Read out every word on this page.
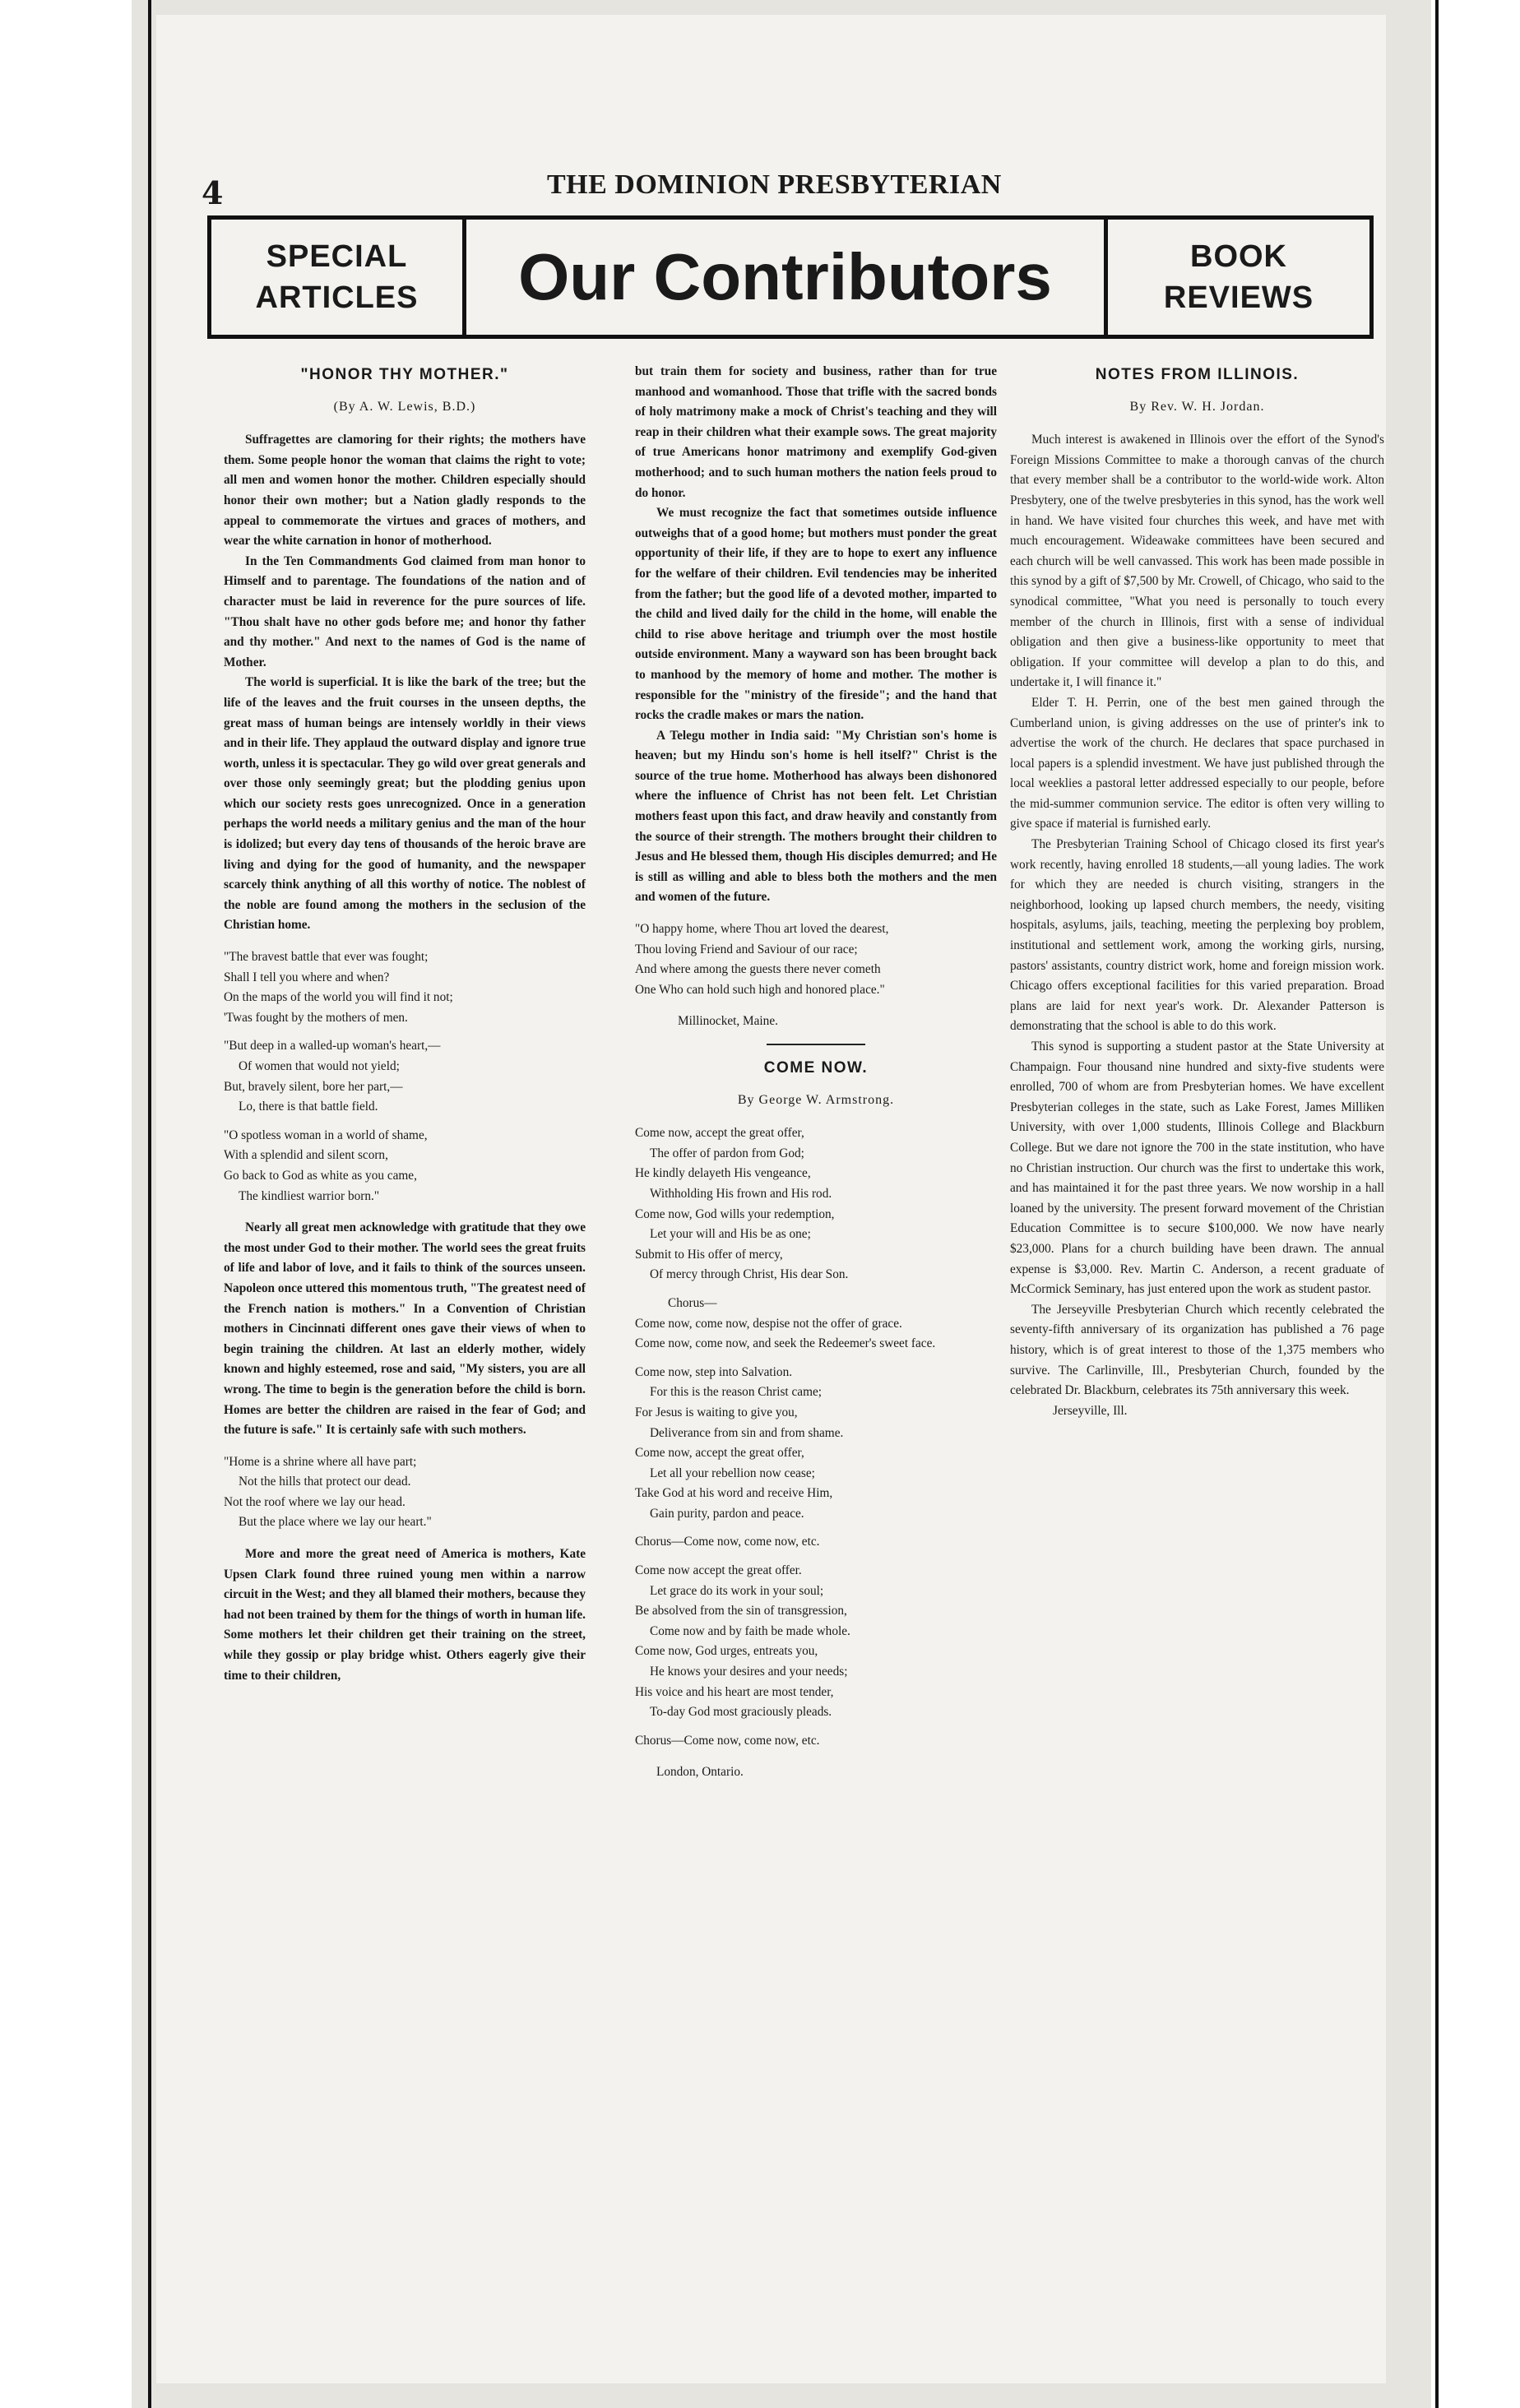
4	THE DOMINION PRESBYTERIAN
SPECIAL
ARTICLES Our Contributors	BOOK
REVIEWS
"HONOR THY MOTHER."
(By A. W. Lewis, B.D.)

Suffragettes are clamoring for their rights; the mothers have them. Some people honor the woman that claims the right to vote; all men and women honor the mother. Children especially should honor their own mother; but a Nation gladly responds to the appeal to commemorate the virtues and graces of mothers, and wear the white carnation in honor of motherhood.

In the Ten Commandments God claimed from man honor to Himself and to parentage. The foundations of the nation and of character must be laid in reverence for the pure sources of life. "Thou shalt have no other gods before me; and honor thy father and thy mother." And next to the names of God is the name of Mother.

The world is superficial. It is like the bark of the tree; but the life of the leaves and the fruit courses in the unseen depths, the great mass of human beings are intensely worldly in their views and in their life. They applaud the outward display and ignore true worth, unless it is spectacular. They go wild over great generals and over those only seemingly great; but the plodding genius upon which our society rests goes unrecognized. Once in a generation perhaps the world needs a military genius and the man of the hour is idolized; but every day tens of thousands of the heroic brave are living and dying for the good of humanity, and the newspaper scarcely think anything of all this worthy of notice. The noblest of the noble are found among the mothers in the seclusion of the Christian home.

"The bravest battle that ever was fought;
Shall I tell you where and when?
On the maps of the world you will find it not;
'Twas fought by the mothers of men.
"But deep in a walled-up woman's heart,—
Of women that would not yield;
But, bravely silent, bore her part,—
Lo, there is that battle field.
"O spotless woman in a world of shame,
With a splendid and silent scorn,
Go back to God as white as you came,
The kindliest warrior born."

Nearly all great men acknowledge with gratitude that they owe the most under God to their mother. The world sees the great fruits of life and labor of love, and it fails to think of the sources unseen. Napoleon once uttered this momentous truth, "The greatest need of the French nation is mothers." In a Convention of Christian mothers in Cincinnati different ones gave their views of when to begin training the children. At last an elderly mother, widely known and highly esteemed, rose and said, "My sisters, you are all wrong. The time to begin is the generation before the child is born. Homes are better the children are raised in the fear of God; and the future is safe." It is certainly safe with such mothers.

"Home is a shrine where all have part;
Not the hills that protect our dead.
Not the roof where we lay our head.
But the place where we lay our heart."

More and more the great need of America is mothers, Kate Upsen Clark found three ruined young men within a narrow circuit in the West; and they all blamed their mothers, because they had not been trained by them for the things of worth in human life. Some mothers let their children get their training on the street, while they gossip or play bridge whist. Others eagerly give their time to their children,

but train them for society and business, rather than for true manhood and womanhood. Those that trifle with the sacred bonds of holy matrimony make a mock of Christ's teaching and they will reap in their children what their example sows. The great majority of true Americans honor matrimony and exemplify God-given motherhood; and to such human mothers the nation feels proud to do honor.

We must recognize the fact that sometimes outside influence outweighs that of a good home; but mothers must ponder the great opportunity of their life, if they are to hope to exert any influence for the welfare of their children. Evil tendencies may be inherited from the father; but the good life of a devoted mother, imparted to the child and lived daily for the child in the home, will enable the child to rise above heritage and triumph over the most hostile outside environment. Many a wayward son has been brought back to manhood by the memory of home and mother. The mother is responsible for the "ministry of the fireside"; and the hand that rocks the cradle makes or mars the nation.

A Telegu mother in India said: "My Christian son's home is heaven; but my Hindu son's home is hell itself?" Christ is the source of the true home. Motherhood has always been dishonored where the influence of Christ has not been felt. Let Christian mothers feast upon this fact, and draw heavily and constantly from the source of their strength. The mothers brought their children to Jesus and He blessed them, though His disciples demurred; and He is still as willing and able to bless both the mothers and the men and women of the future.

"O happy home, where Thou art loved the dearest,
Thou loving Friend and Saviour of our race;
And where among the guests there never cometh
One Who can hold such high and honored place."

Millinocket, Maine.

COME NOW.
By George W. Armstrong.
Come now, accept the great offer,
The offer of pardon from God;
He kindly delayeth His vengeance,
Withholding His frown and His rod.
Come now, God wills your redemption,
Let your will and His be as one;
Submit to His offer of mercy,
Of mercy through Christ, His dear Son.
Chorus—
Come now, come now, despise not the offer of grace.
Come now, come now, and seek the Redeemer's sweet face.
Come now, step into Salvation.
For this is the reason Christ came;
For Jesus is waiting to give you,
Deliverance from sin and from shame.
Come now, accept the great offer,
Let all your rebellion now cease;
Take God at his word and receive Him,
Gain purity, pardon and peace.
Chorus—Come now, come now, etc.
Come now accept the great offer.
Let grace do its work in your soul;
Be absolved from the sin of transgression,
Come now and by faith be made whole.
Come now, God urges, entreats you,
He knows your desires and your needs;
His voice and his heart are most tender,
To-day God most graciously pleads.
Chorus—Come now, come now, etc.

London, Ontario.

NOTES FROM ILLINOIS.
By Rev. W. H. Jordan.

Much interest is awakened in Illinois over the effort of the Synod's Foreign Missions Committee to make a thorough canvas of the church that every member shall be a contributor to the world-wide work. Alton Presbytery, one of the twelve presbyteries in this synod, has the work well in hand. We have visited four churches this week, and have met with much encouragement. Wideawake committees have been secured and each church will be well canvassed. This work has been made possible in this synod by a gift of $7,500 by Mr. Crowell, of Chicago, who said to the synodical committee, "What you need is personally to touch every member of the church in Illinois, first with a sense of individual obligation and then give a business-like opportunity to meet that obligation. If your committee will develop a plan to do this, and undertake it, I will finance it."

Elder T. H. Perrin, one of the best men gained through the Cumberland union, is giving addresses on the use of printer's ink to advertise the work of the church. He declares that space purchased in local papers is a splendid investment. We have just published through the local weeklies a pastoral letter addressed especially to our people, before the mid-summer communion service. The editor is often very willing to give space if material is furnished early.

The Presbyterian Training School of Chicago closed its first year's work recently, having enrolled 18 students,—all young ladies. The work for which they are needed is church visiting, strangers in the neighborhood, looking up lapsed church members, the needy, visiting hospitals, asylums, jails, teaching, meeting the perplexing boy problem, institutional and settlement work, among the working girls, nursing, pastors' assistants, country district work, home and foreign mission work. Chicago offers exceptional facilities for this varied preparation. Broad plans are laid for next year's work. Dr. Alexander Patterson is demonstrating that the school is able to do this work.

This synod is supporting a student pastor at the State University at Champaign. Four thousand nine hundred and sixty-five students were enrolled, 700 of whom are from Presbyterian homes. We have excellent Presbyterian colleges in the state, such as Lake Forest, James Milliken University, with over 1,000 students, Illinois College and Blackburn College. But we dare not ignore the 700 in the state institution, who have no Christian instruction. Our church was the first to undertake this work, and has maintained it for the past three years. We now worship in a hall loaned by the university. The present forward movement of the Christian Education Committee is to secure $100,000. We now have nearly $23,000. Plans for a church building have been drawn. The annual expense is $3,000. Rev. Martin C. Anderson, a recent graduate of McCormick Seminary, has just entered upon the work as student pastor.

The Jerseyville Presbyterian Church which recently celebrated the seventy-fifth anniversary of its organization has published a 76 page history, which is of great interest to those of the 1,375 members who survive. The Carlinville, Ill., Presbyterian Church, founded by the celebrated Dr. Blackburn, celebrates its 75th anniversary this week.

Jerseyville, Ill.
